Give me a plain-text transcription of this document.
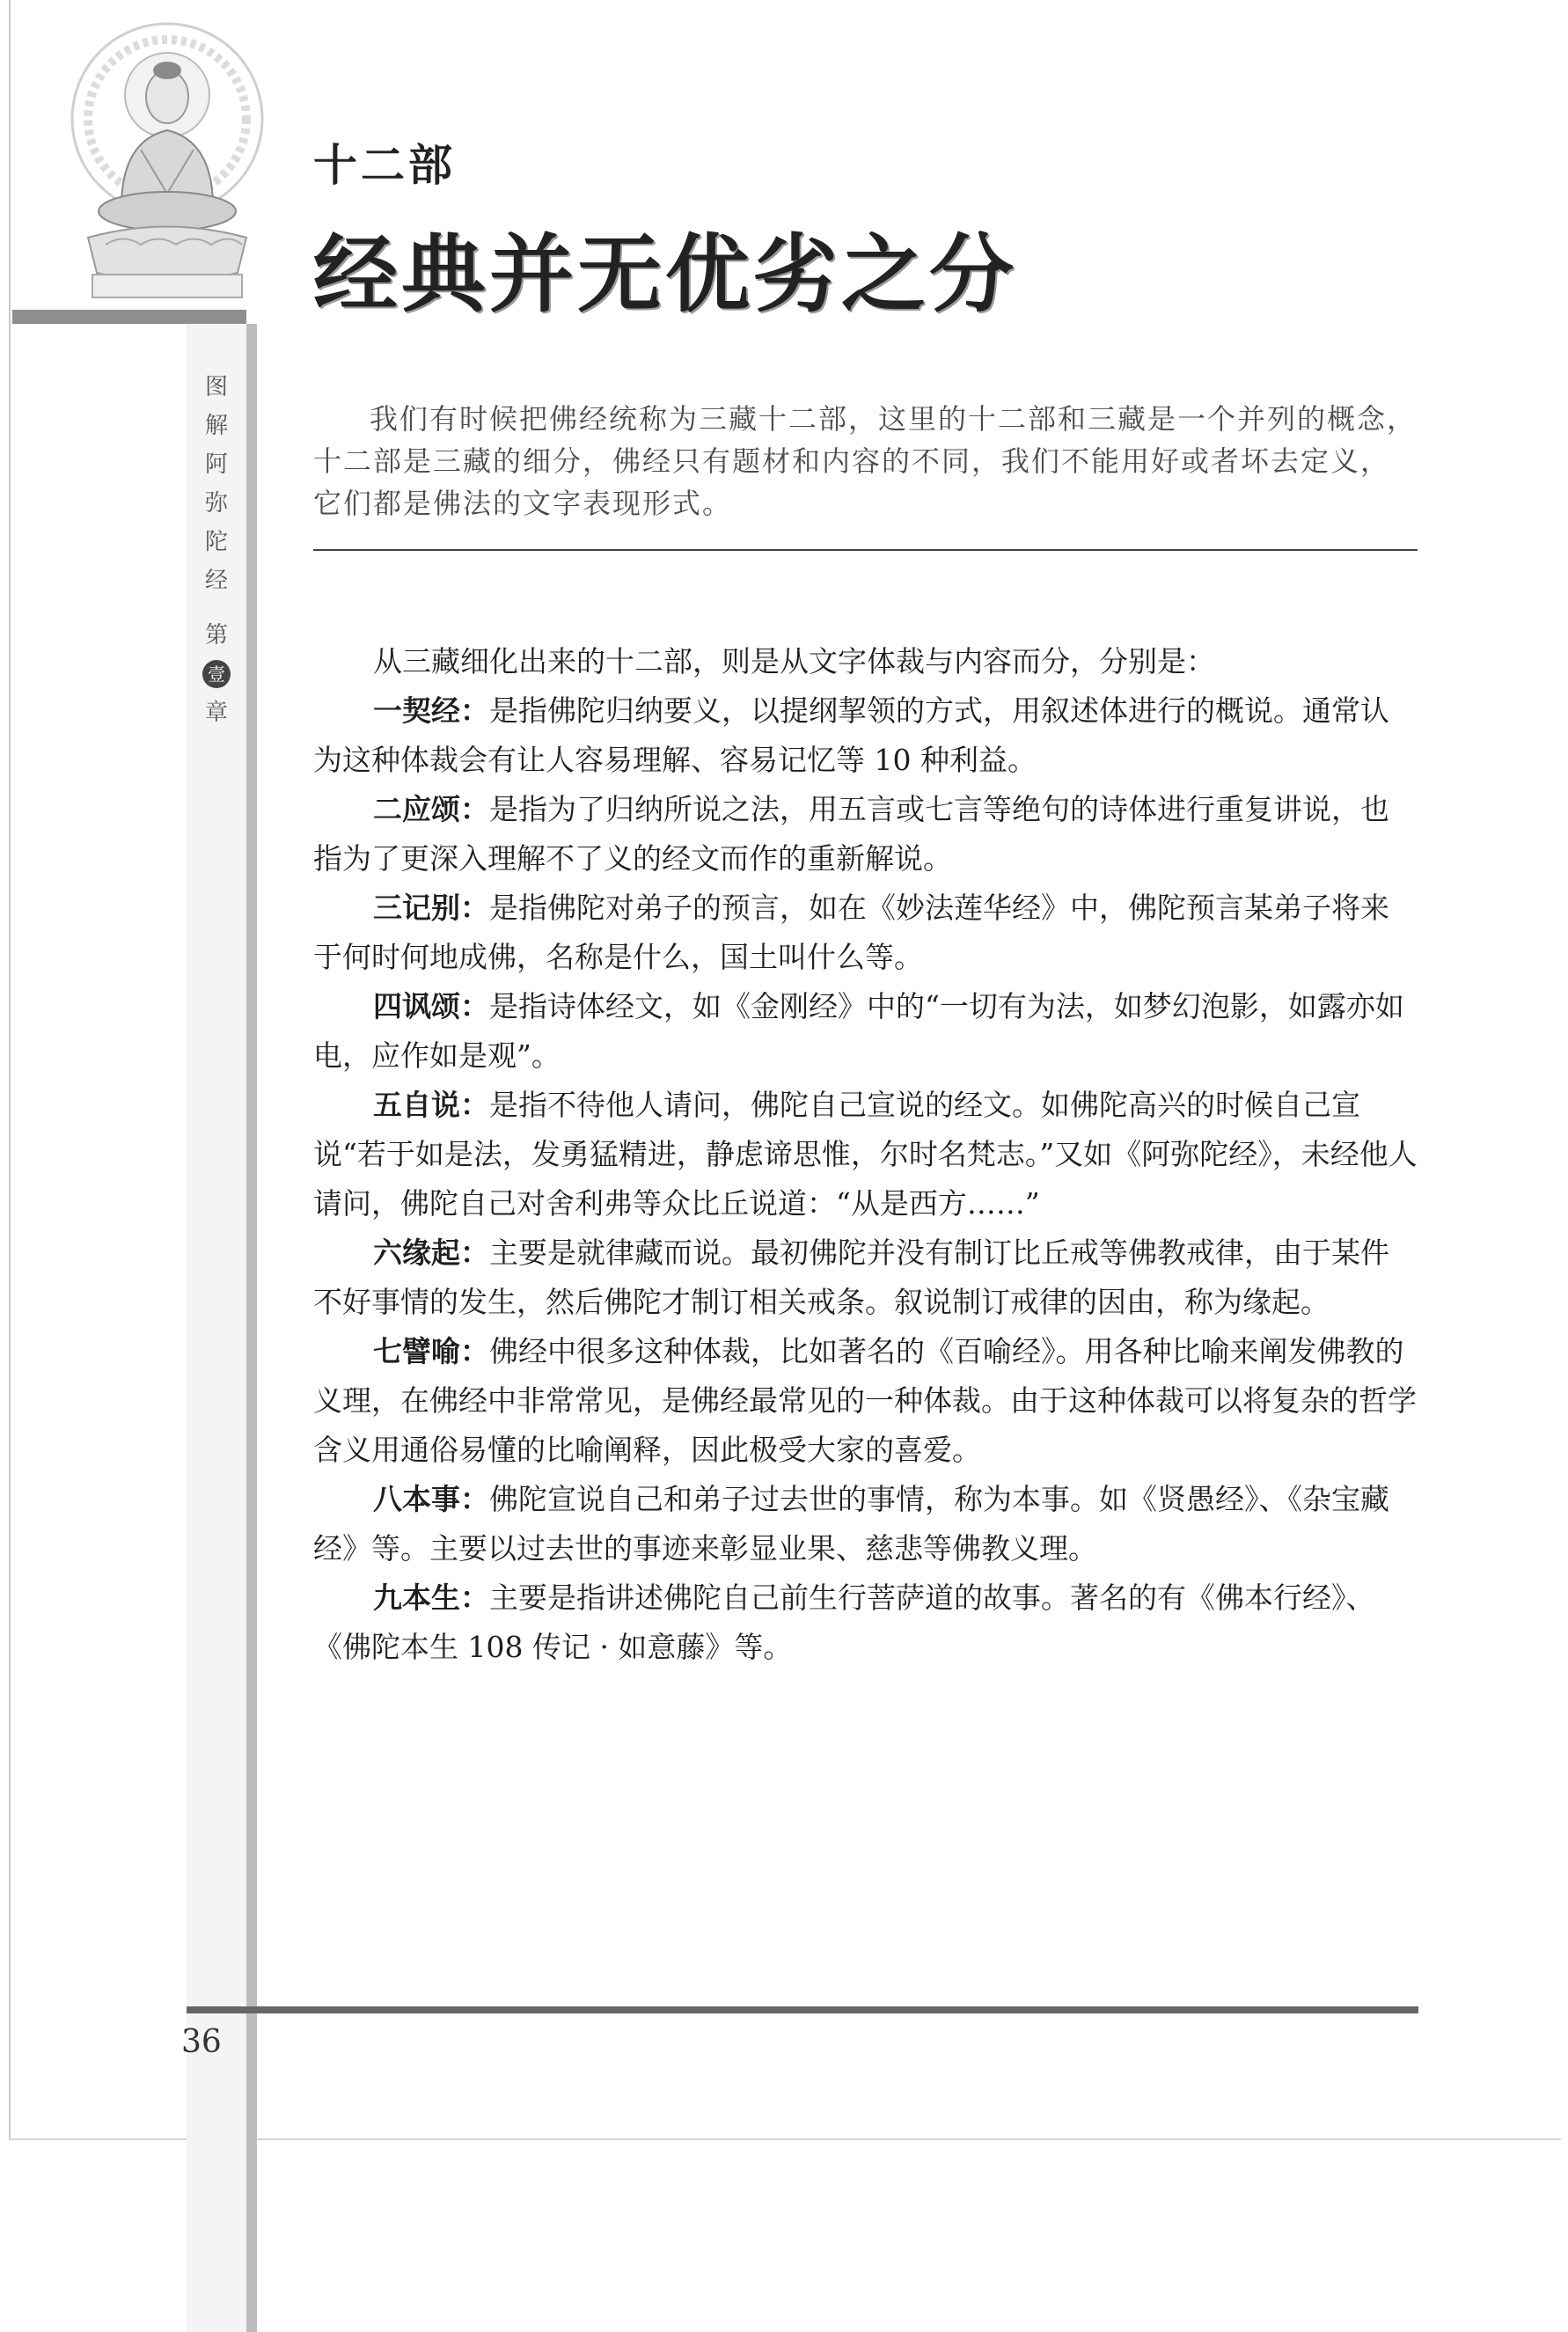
图
解
阿
弥
陀
经
第
壹
章
十二部
经典并无优劣之分

我们有时候把佛经统称为三藏十二部，这里的十二部和三藏是一个并列的概念，十二部是三藏的细分，佛经只有题材和内容的不同，我们不能用好或者坏去定义，它们都是佛法的文字表现形式。

从三藏细化出来的十二部，则是从文字体裁与内容而分，分别是：

一契经：是指佛陀归纳要义，以提纲挈领的方式，用叙述体进行的概说。通常认为这种体裁会有让人容易理解、容易记忆等 10 种利益。

二应颂：是指为了归纳所说之法，用五言或七言等绝句的诗体进行重复讲说，也指为了更深入理解不了义的经文而作的重新解说。

三记别：是指佛陀对弟子的预言，如在《妙法莲华经》中，佛陀预言某弟子将来于何时何地成佛，名称是什么，国土叫什么等。

四讽颂：是指诗体经文，如《金刚经》中的“一切有为法，如梦幻泡影，如露亦如电，应作如是观”。

五自说：是指不待他人请问，佛陀自己宣说的经文。如佛陀高兴的时候自己宣说“若于如是法，发勇猛精进，静虑谛思惟，尔时名梵志。”又如《阿弥陀经》，未经他人请问，佛陀自己对舍利弗等众比丘说道：“从是西方……”

六缘起：主要是就律藏而说。最初佛陀并没有制订比丘戒等佛教戒律，由于某件不好事情的发生，然后佛陀才制订相关戒条。叙说制订戒律的因由，称为缘起。

七譬喻：佛经中很多这种体裁，比如著名的《百喻经》。用各种比喻来阐发佛教的义理，在佛经中非常常见，是佛经最常见的一种体裁。由于这种体裁可以将复杂的哲学含义用通俗易懂的比喻阐释，因此极受大家的喜爱。

八本事：佛陀宣说自己和弟子过去世的事情，称为本事。如《贤愚经》、《杂宝藏经》等。主要以过去世的事迹来彰显业果、慈悲等佛教义理。

九本生：主要是指讲述佛陀自己前生行菩萨道的故事。著名的有《佛本行经》、《佛陀本生 108 传记 · 如意藤》等。

36
